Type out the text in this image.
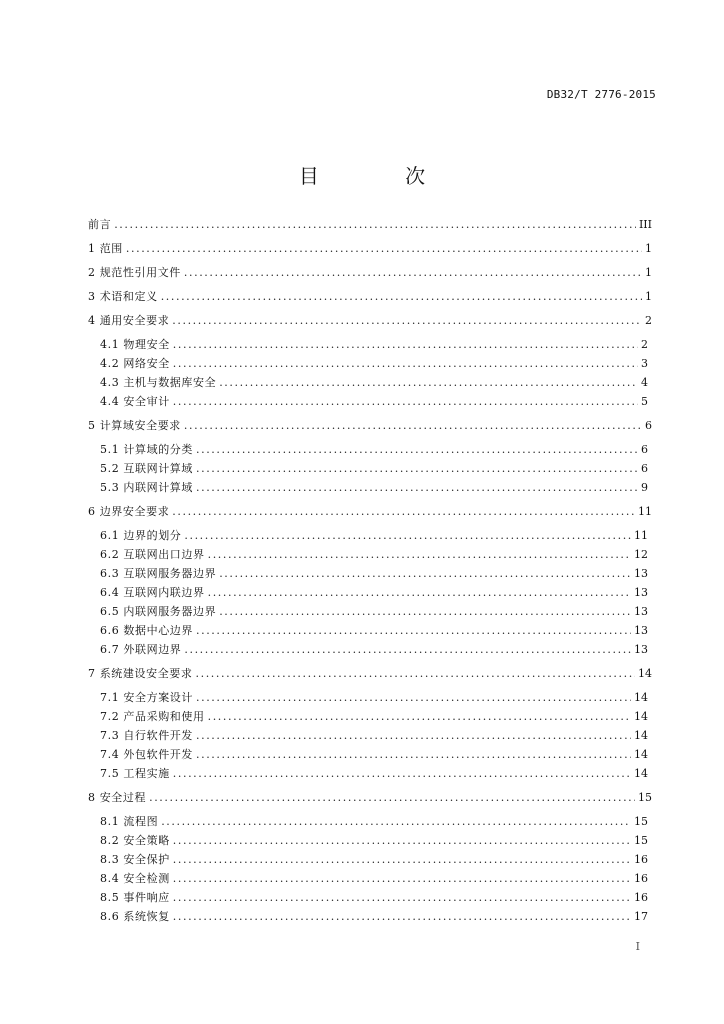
DB32/T 2776-2015
目 次
前言 .....	III
1 范围 .....	1
2 规范性引用文件 .....	1
3 术语和定义 .....	1
4 通用安全要求 .....	2
4.1 物理安全 .....	2
4.2 网络安全 .....	3
4.3 主机与数据库安全 .....	4
4.4 安全审计 .....	5
5 计算域安全要求 .....	6
5.1 计算域的分类 .....	6
5.2 互联网计算域 .....	6
5.3 内联网计算域 .....	9
6 边界安全要求 .....	11
6.1 边界的划分 .....	11
6.2 互联网出口边界 .....	12
6.3 互联网服务器边界 .....	13
6.4 互联网内联边界 .....	13
6.5 内联网服务器边界 .....	13
6.6 数据中心边界 .....	13
6.7 外联网边界 .....	13
7 系统建设安全要求 .....	14
7.1 安全方案设计 .....	14
7.2 产品采购和使用 .....	14
7.3 自行软件开发 .....	14
7.4 外包软件开发 .....	14
7.5 工程实施 .....	14
8 安全过程 .....	15
8.1 流程图 .....	15
8.2 安全策略 .....	15
8.3 安全保护 .....	16
8.4 安全检测 .....	16
8.5 事件响应 .....	16
8.6 系统恢复 .....	17
I
